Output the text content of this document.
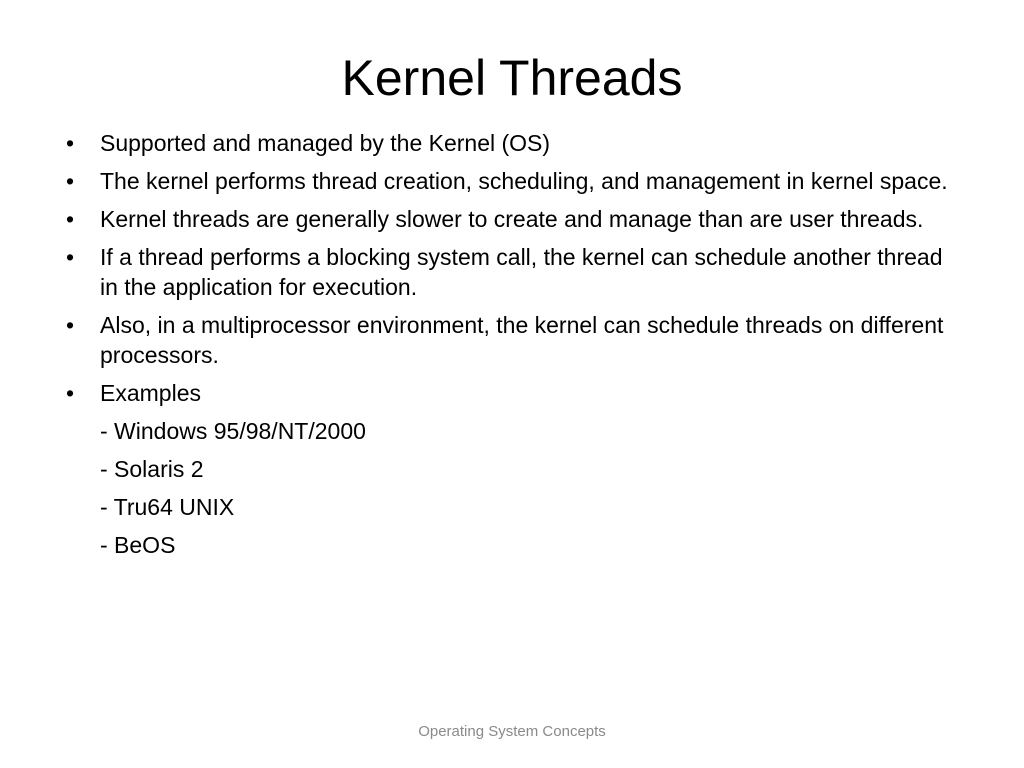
Kernel Threads
• Supported and managed by the Kernel (OS)
• The kernel performs thread creation, scheduling, and management in kernel space.
• Kernel threads are generally slower to create and manage than are user threads.
• If a thread performs a blocking system call, the kernel can schedule another thread in the application for execution.
• Also, in a multiprocessor environment, the kernel can schedule threads on different processors.
• Examples
- Windows 95/98/NT/2000
- Solaris 2
- Tru64 UNIX
- BeOS
Operating System Concepts
